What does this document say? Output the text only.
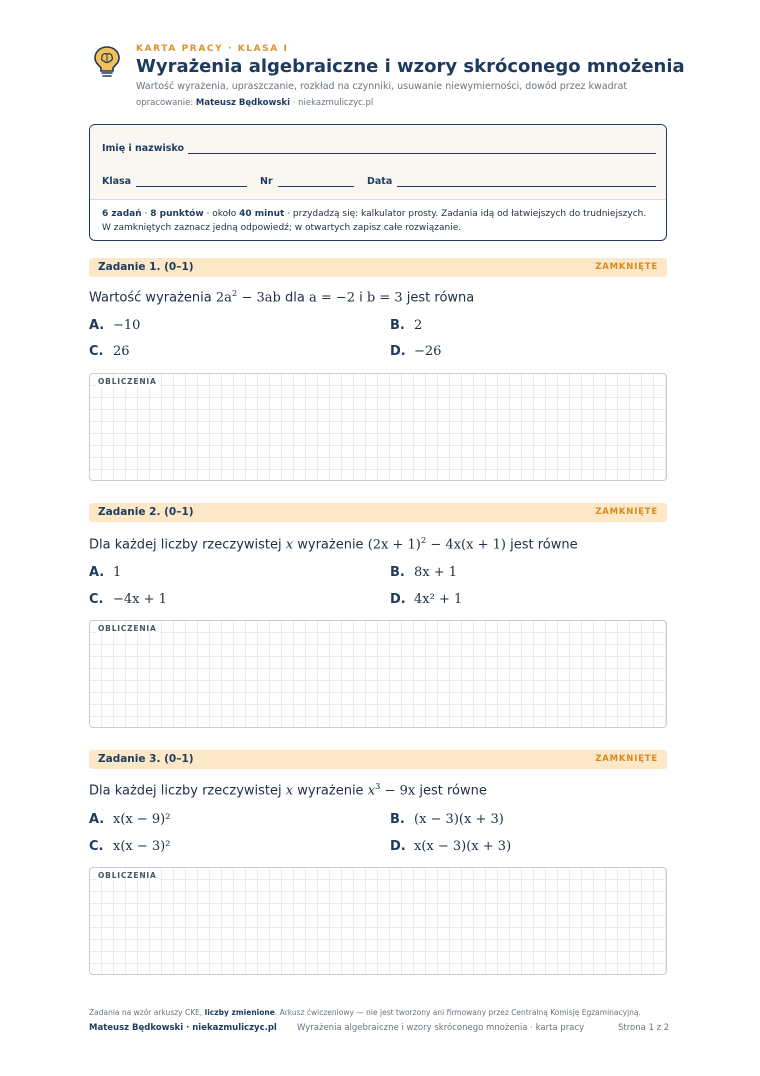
KARTA PRACY · KLASA I
Wyrażenia algebraiczne i wzory skróconego mnożenia
Wartość wyrażenia, upraszczanie, rozkład na czynniki, usuwanie niewymierności, dowód przez kwadrat
opracowanie: Mateusz Będkowski · niekazmuliczyc.pl
Imię i nazwisko
Klasa	Nr	Data
6 zadań · 8 punktów · około 40 minut · przydadzą się: kalkulator prosty. Zadania idą od łatwiejszych do trudniejszych. W zamkniętych zaznacz jedną odpowiedź; w otwartych zapisz całe rozwiązanie.
Zadanie 1. (0–1)	ZAMKNIĘTE
Wartość wyrażenia $2a^2 - 3ab$ dla a = −2 i b = 3 jest równa
A. −10	B. 2
C. 26	D. −26
OBLICZENIA
Zadanie 2. (0–1)	ZAMKNIĘTE
Dla każdej liczby rzeczywistej x wyrażenie $(2x + 1)^2 - 4x(x + 1)$ jest równe
A. 1	B. 8x + 1
C. −4x + 1	D. 4x² + 1
OBLICZENIA
Zadanie 3. (0–1)	ZAMKNIĘTE
Dla każdej liczby rzeczywistej x wyrażenie $x^3 - 9x$ jest równe
A. x(x − 9)²	B. (x − 3)(x + 3)
C. x(x − 3)²	D. x(x − 3)(x + 3)
OBLICZENIA
Zadania na wzór arkuszy CKE, liczby zmienione. Arkusz ćwiczeniowy — nie jest tworzony ani firmowany przez Centralną Komisję Egzaminacyjną.
Mateusz Będkowski · niekazmuliczyc.pl Wyrażenia algebraiczne i wzory skróconego mnożenia · karta pracy	Strona 1 z 2
